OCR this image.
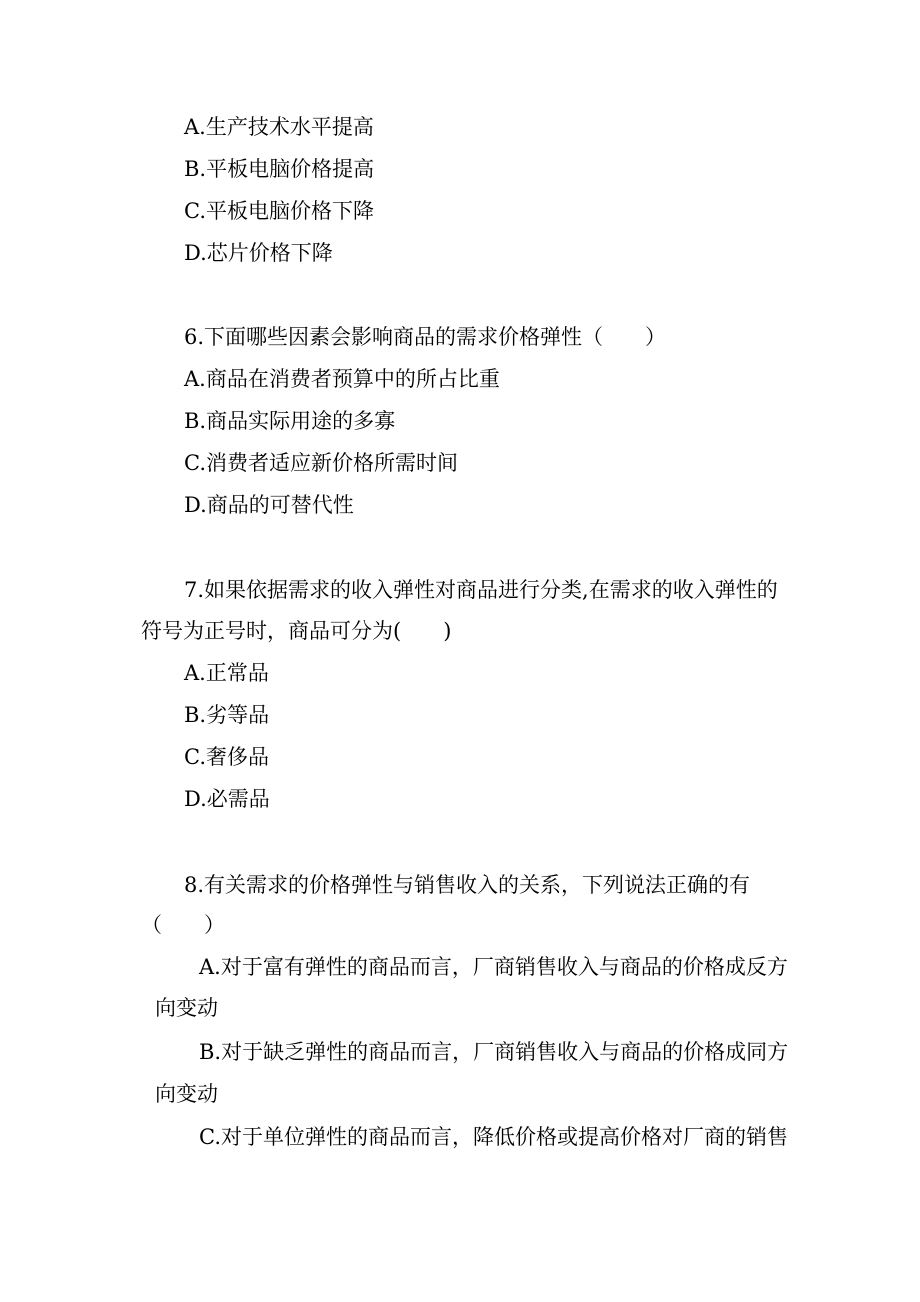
A.生产技术水平提高

B.平板电脑价格提高

C.平板电脑价格下降

D.芯片价格下降

6.下面哪些因素会影响商品的需求价格弹性（　　）

A.商品在消费者预算中的所占比重

B.商品实际用途的多寡

C.消费者适应新价格所需时间

D.商品的可替代性

7.如果依据需求的收入弹性对商品进行分类,在需求的收入弹性的

符号为正号时，商品可分为(　　)

A.正常品

B.劣等品

C.奢侈品

D.必需品

8.有关需求的价格弹性与销售收入的关系，下列说法正确的有

（　　）

A.对于富有弹性的商品而言，厂商销售收入与商品的价格成反方

向变动

B.对于缺乏弹性的商品而言，厂商销售收入与商品的价格成同方

向变动

C.对于单位弹性的商品而言，降低价格或提高价格对厂商的销售
